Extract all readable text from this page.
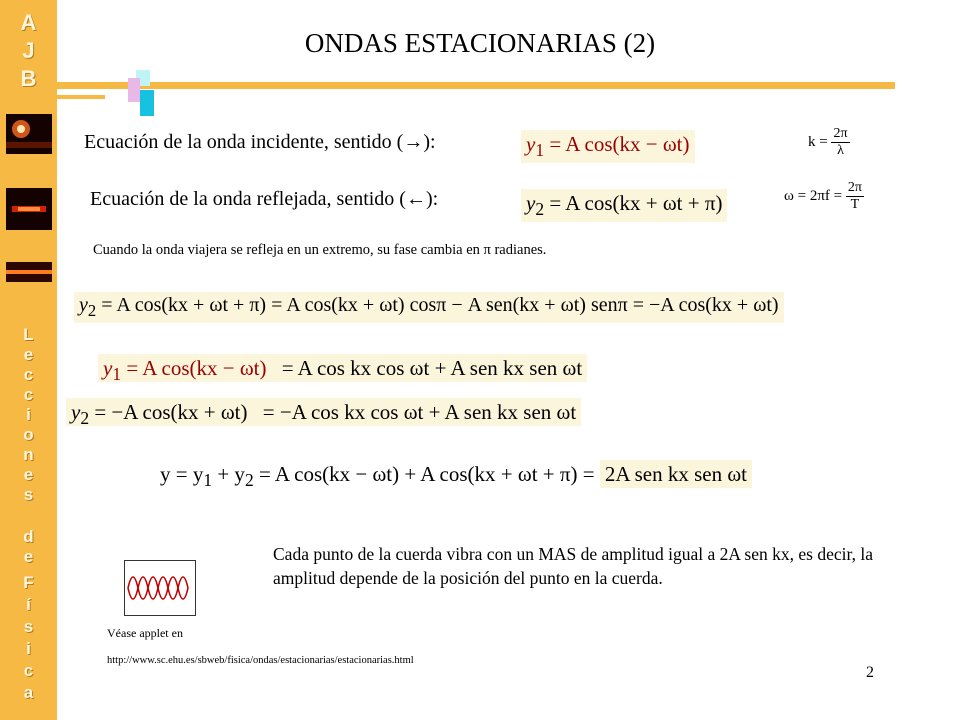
A
J
B
L
e
c
c
i
o
n
e
s
d
e
F
í
s
i
c
a
ONDAS ESTACIONARIAS (2)
Ecuación de la onda incidente, sentido (→):	$y_1 = A$ cos(kx − ωt)	$k = \frac{2\pi}{\lambda}$
Ecuación de la onda reflejada, sentido (←):	$y_2 = A$ cos(kx + ωt + π)	$\omega = 2\pi f = \frac{2\pi}{T}$
Cuando la onda viajera se refleja en un extremo, su fase cambia en π radianes.
$y_2 = A$ cos(kx + ωt + π) = A cos(kx + ωt) cosπ − A sen(kx + ωt) senπ = −A cos(kx + ωt)
$y_1 = A$ cos(kx − ωt) = A cos kx cos ωt + A sen kx sen ωt
$y_2 = -A$ cos(kx + ωt) = −A cos kx cos ωt + A sen kx sen ωt
$y = y_1 + y_2 = A$ cos(kx − ωt) + A cos(kx + ωt + π) = 2A sen kx sen ωt
Cada punto de la cuerda vibra con un MAS de amplitud igual a 2A sen kx, es decir, la amplitud depende de la posición del punto en la cuerda.
Véase applet en
http://www.sc.ehu.es/sbweb/fisica/ondas/estacionarias/estacionarias.html
2
